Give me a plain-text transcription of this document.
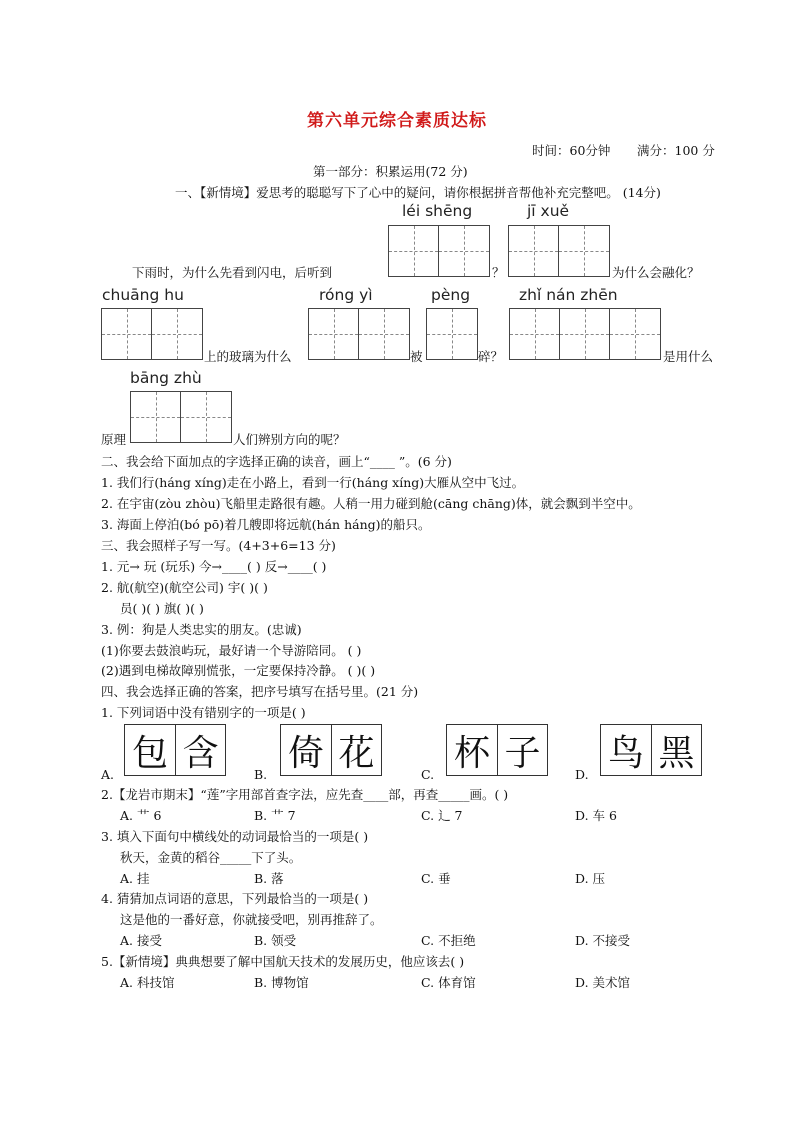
第六单元综合素质达标
时间：60分钟 满分：100 分
第一部分：积累运用(72 分)
一、【新情境】爱思考的聪聪写下了心中的疑问，请你根据拼音帮他补充完整吧。 (14分)
léi shēng	jī xuě
下雨时，为什么先看到闪电，后听到	？	为什么会融化？
chuāng hu	róng yì	pèng	zhǐ nán zhēn
上的玻璃为什么	被	碎？	是用什么
bāng zhù
原理	人们辨别方向的呢？
二、我会给下面加点的字选择正确的读音，画上“____ ”。(6 分)
1. 我们行(háng xíng)走在小路上，看到一行(háng xíng)大雁从空中飞过。
2. 在宇宙(zòu zhòu)飞船里走路很有趣。人稍一用力碰到舱(cāng chāng)体，就会飘到半空中。
3. 海面上停泊(bó pō)着几艘即将远航(hán háng)的船只。
三、我会照样子写一写。(4+3+6=13 分)
1. 元→ 玩 (玩乐) 今→____( ) 反→____( )
2. 航(航空)(航空公司) 宇( )( )
员( )( ) 旗( )( )
3. 例：狗是人类忠实的朋友。(忠诚)
(1)你要去鼓浪屿玩，最好请一个导游陪同。 ( )
(2)遇到电梯故障别慌张，一定要保持冷静。 ( )( )
四、我会选择正确的答案，把序号填写在括号里。(21 分)
1. 下列词语中没有错别字的一项是( )
A.
包 含
B.
倚 花
C.
杯 子
D.
鸟 黑
2.【龙岩市期末】“莲”字用部首查字法，应先查____部，再查_____画。( )
A. 艹 6	B. 艹 7	C. 辶 7	D. 车 6
3. 填入下面句中横线处的动词最恰当的一项是( )
秋天，金黄的稻谷_____下了头。
A. 挂	B. 落	C. 垂	D. 压
4. 猜猜加点词语的意思，下列最恰当的一项是( )
这是他的一番好意，你就接受吧，别再推辞了。
A. 接受	B. 领受	C. 不拒绝	D. 不接受
5.【新情境】典典想要了解中国航天技术的发展历史，他应该去( )
A. 科技馆	B. 博物馆	C. 体育馆	D. 美术馆
